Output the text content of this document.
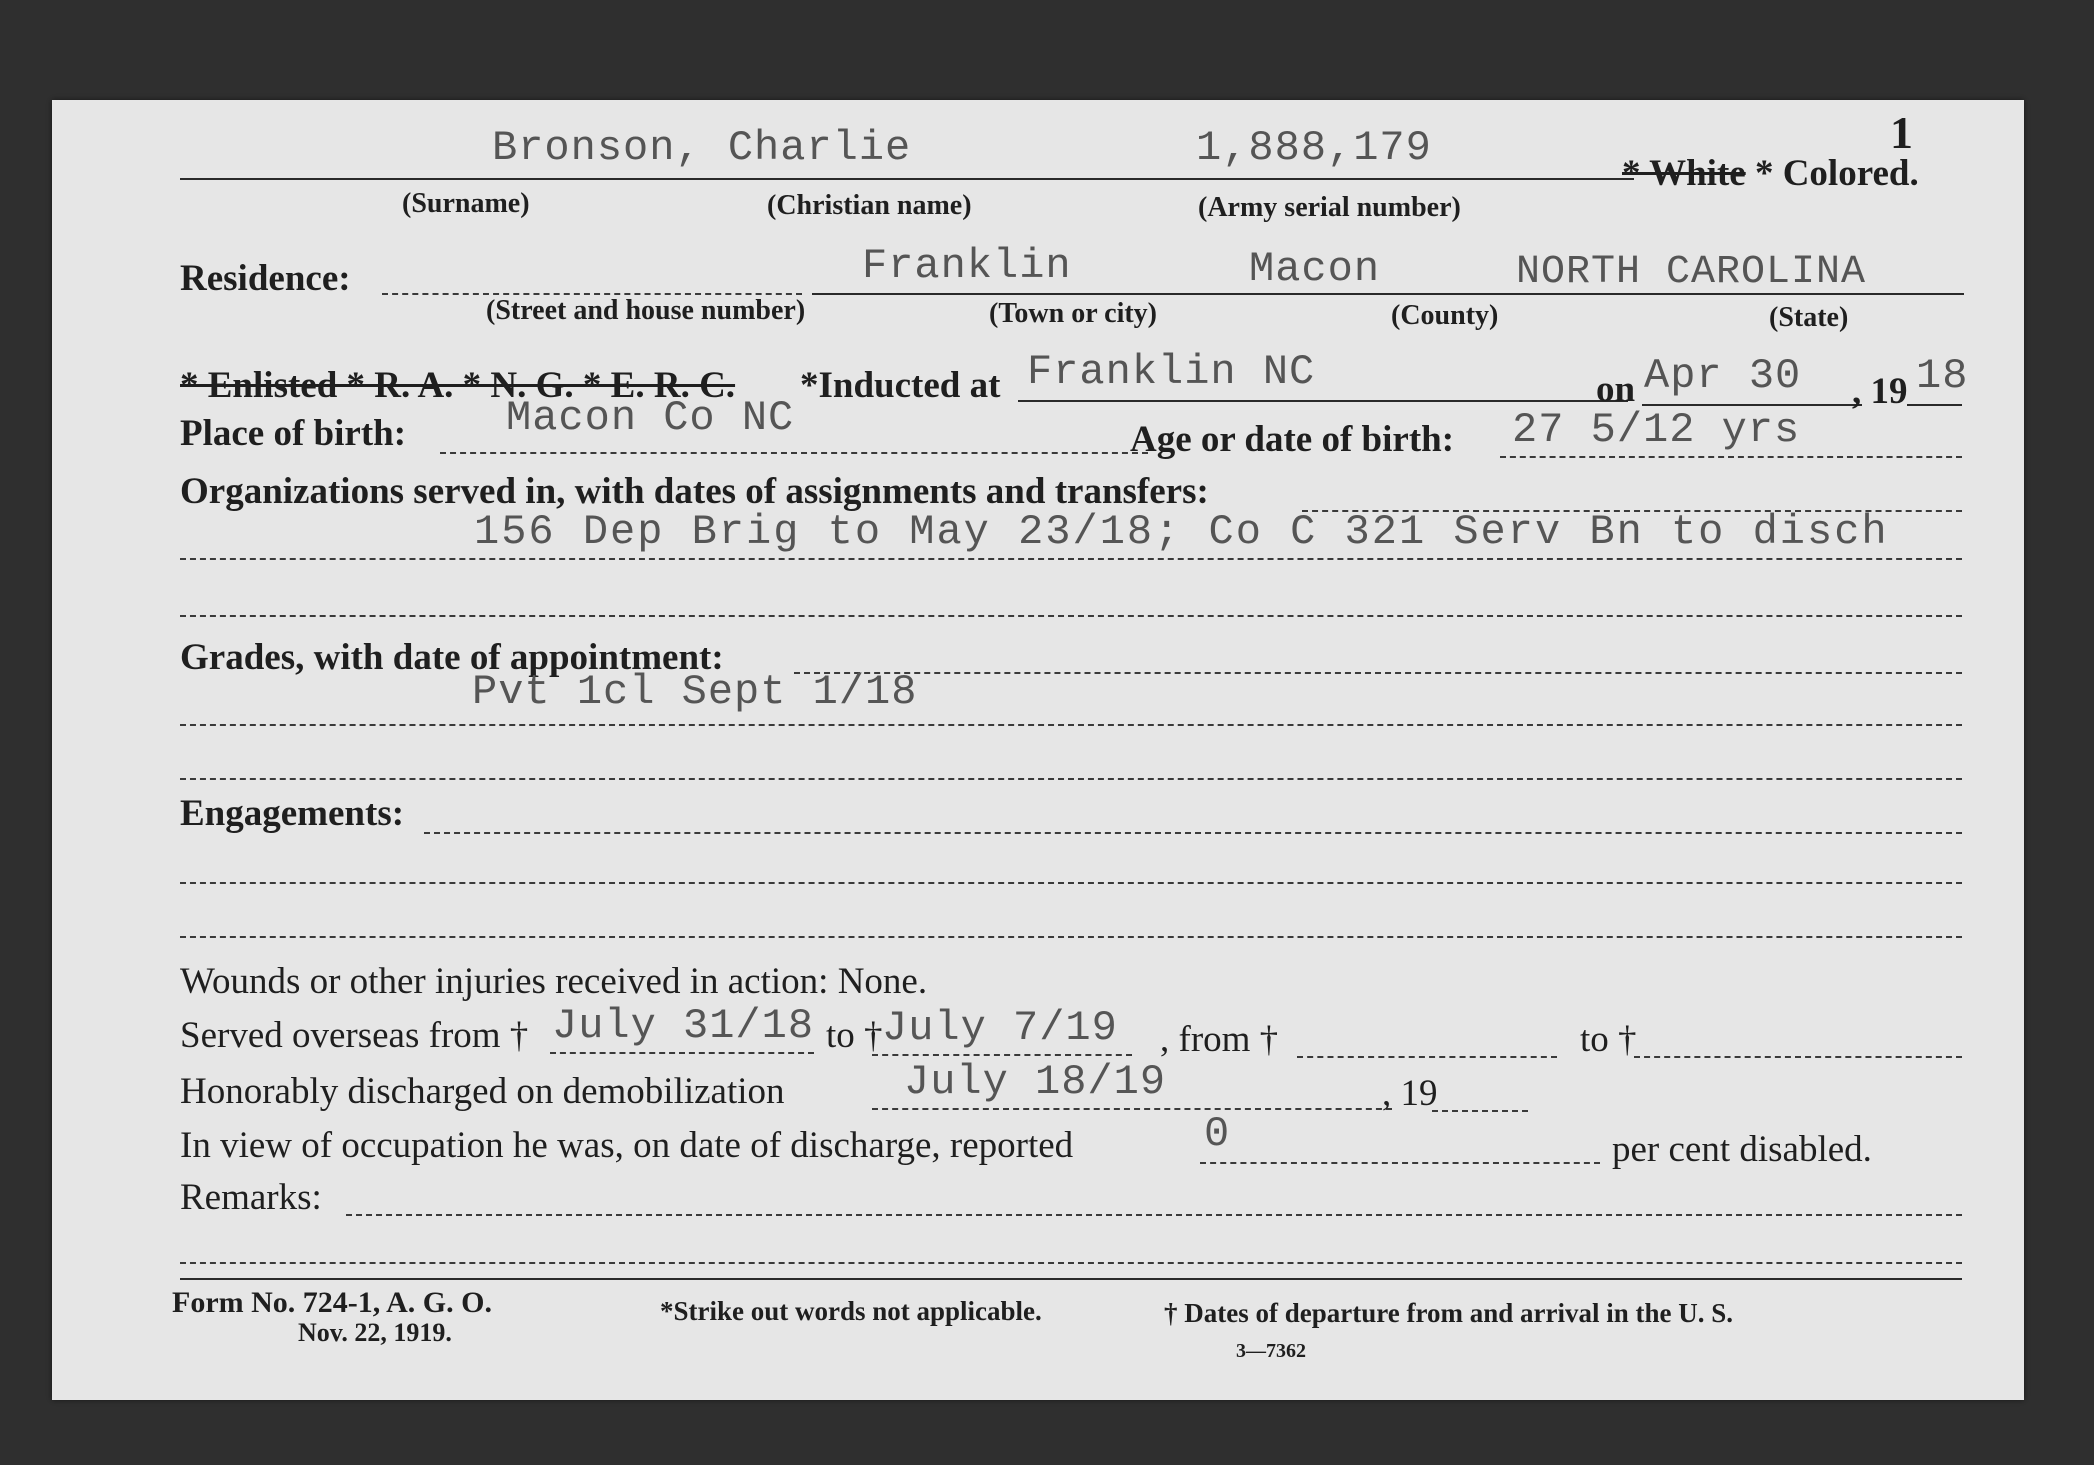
1
Bronson, Charlie	1,888,179
* White * Colored.
(Surname)	(Christian name)	(Army serial number)
Residence:	Franklin	Macon	NORTH CAROLINA
(Street and house number)	(Town or city)	(County)	(State)
* Enlisted * R. A. * N. G. * E. R. C. *Inducted at Franklin NC	on Apr 30 , 19 18
Place of birth: Macon Co NC	Age or date of birth: 27 5/12 yrs
Organizations served in, with dates of assignments and transfers:
156 Dep Brig to May 23/18; Co C 321 Serv Bn to disch
Grades, with date of appointment:
Pvt 1cl Sept 1/18
Engagements:
Wounds or other injuries received in action: None.
Served overseas from † July 31/18 to † July 7/19 , from †	to †
Honorably discharged on demobilization	July 18/19	, 19
In view of occupation he was, on date of discharge, reported	0	per cent disabled.
Remarks:
Form No. 724-1, A. G. O.
Nov. 22, 1919.
*Strike out words not applicable.	† Dates of departure from and arrival in the U. S.
3—7362
